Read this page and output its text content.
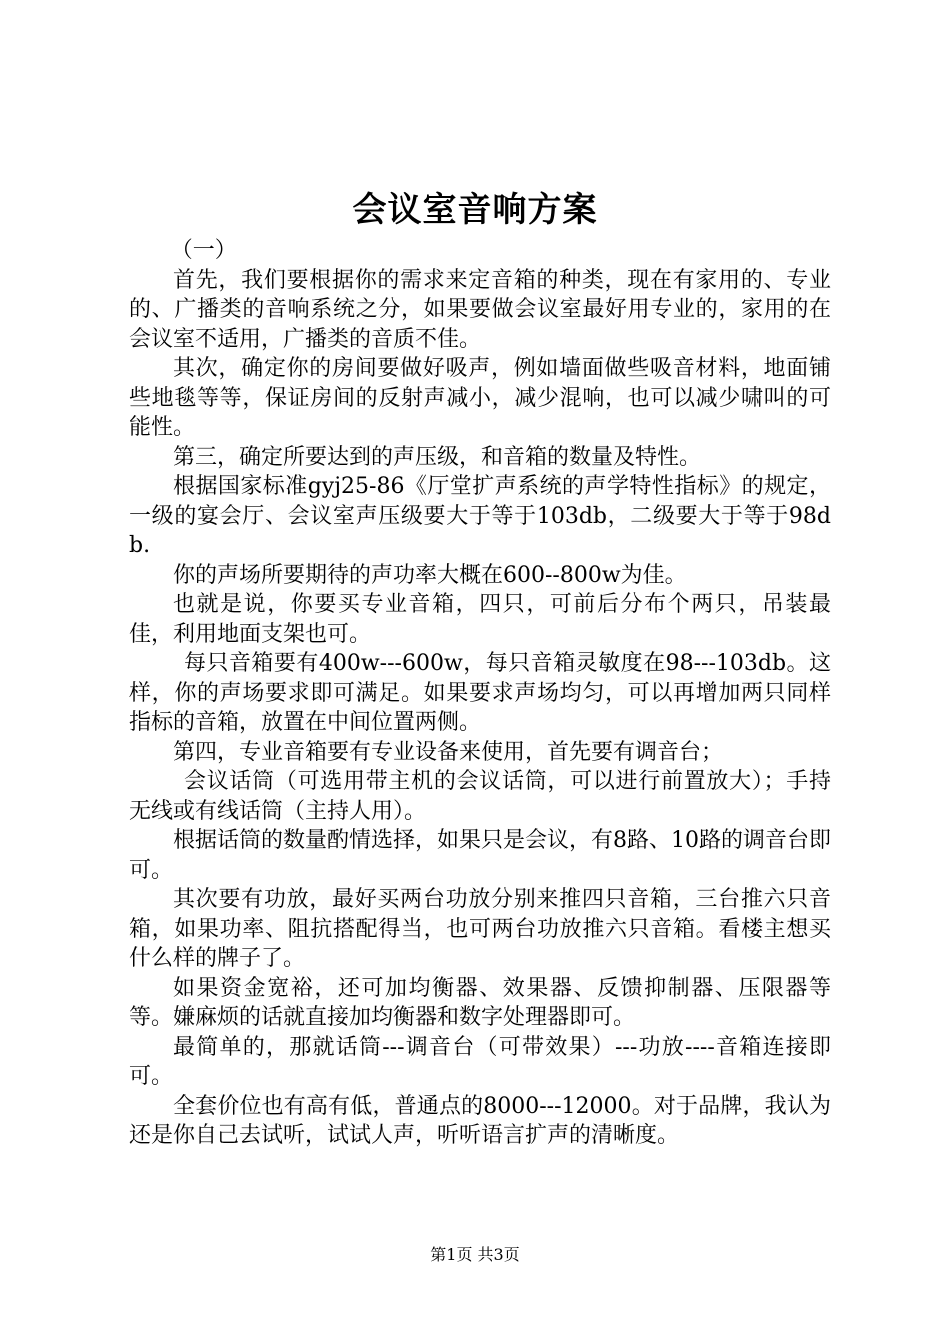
会议室音响方案

（一）

首先，我们要根据你的需求来定音箱的种类，现在有家用的、专业的、广播类的音响系统之分，如果要做会议室最好用专业的，家用的在会议室不适用，广播类的音质不佳。

其次，确定你的房间要做好吸声，例如墙面做些吸音材料，地面铺些地毯等等，保证房间的反射声减小，减少混响，也可以减少啸叫的可能性。

第三，确定所要达到的声压级，和音箱的数量及特性。

根据国家标准gyj25-86《厅堂扩声系统的声学特性指标》的规定，一级的宴会厅、会议室声压级要大于等于103db，二级要大于等于98db.

你的声场所要期待的声功率大概在600--800w为佳。

也就是说，你要买专业音箱，四只，可前后分布个两只，吊装最佳，利用地面支架也可。

每只音箱要有400w---600w，每只音箱灵敏度在98---103db。这样，你的声场要求即可满足。如果要求声场均匀，可以再增加两只同样指标的音箱，放置在中间位置两侧。

第四，专业音箱要有专业设备来使用，首先要有调音台；

会议话筒（可选用带主机的会议话筒，可以进行前置放大）；手持无线或有线话筒（主持人用）。

根据话筒的数量酌情选择，如果只是会议，有8路、10路的调音台即可。

其次要有功放，最好买两台功放分别来推四只音箱，三台推六只音箱，如果功率、阻抗搭配得当，也可两台功放推六只音箱。看楼主想买什么样的牌子了。

如果资金宽裕，还可加均衡器、效果器、反馈抑制器、压限器等等。嫌麻烦的话就直接加均衡器和数字处理器即可。

最简单的，那就话筒---调音台（可带效果）---功放----音箱连接即可。

全套价位也有高有低，普通点的8000---12000。对于品牌，我认为还是你自己去试听，试试人声，听听语言扩声的清晰度。

第1页 共3页
